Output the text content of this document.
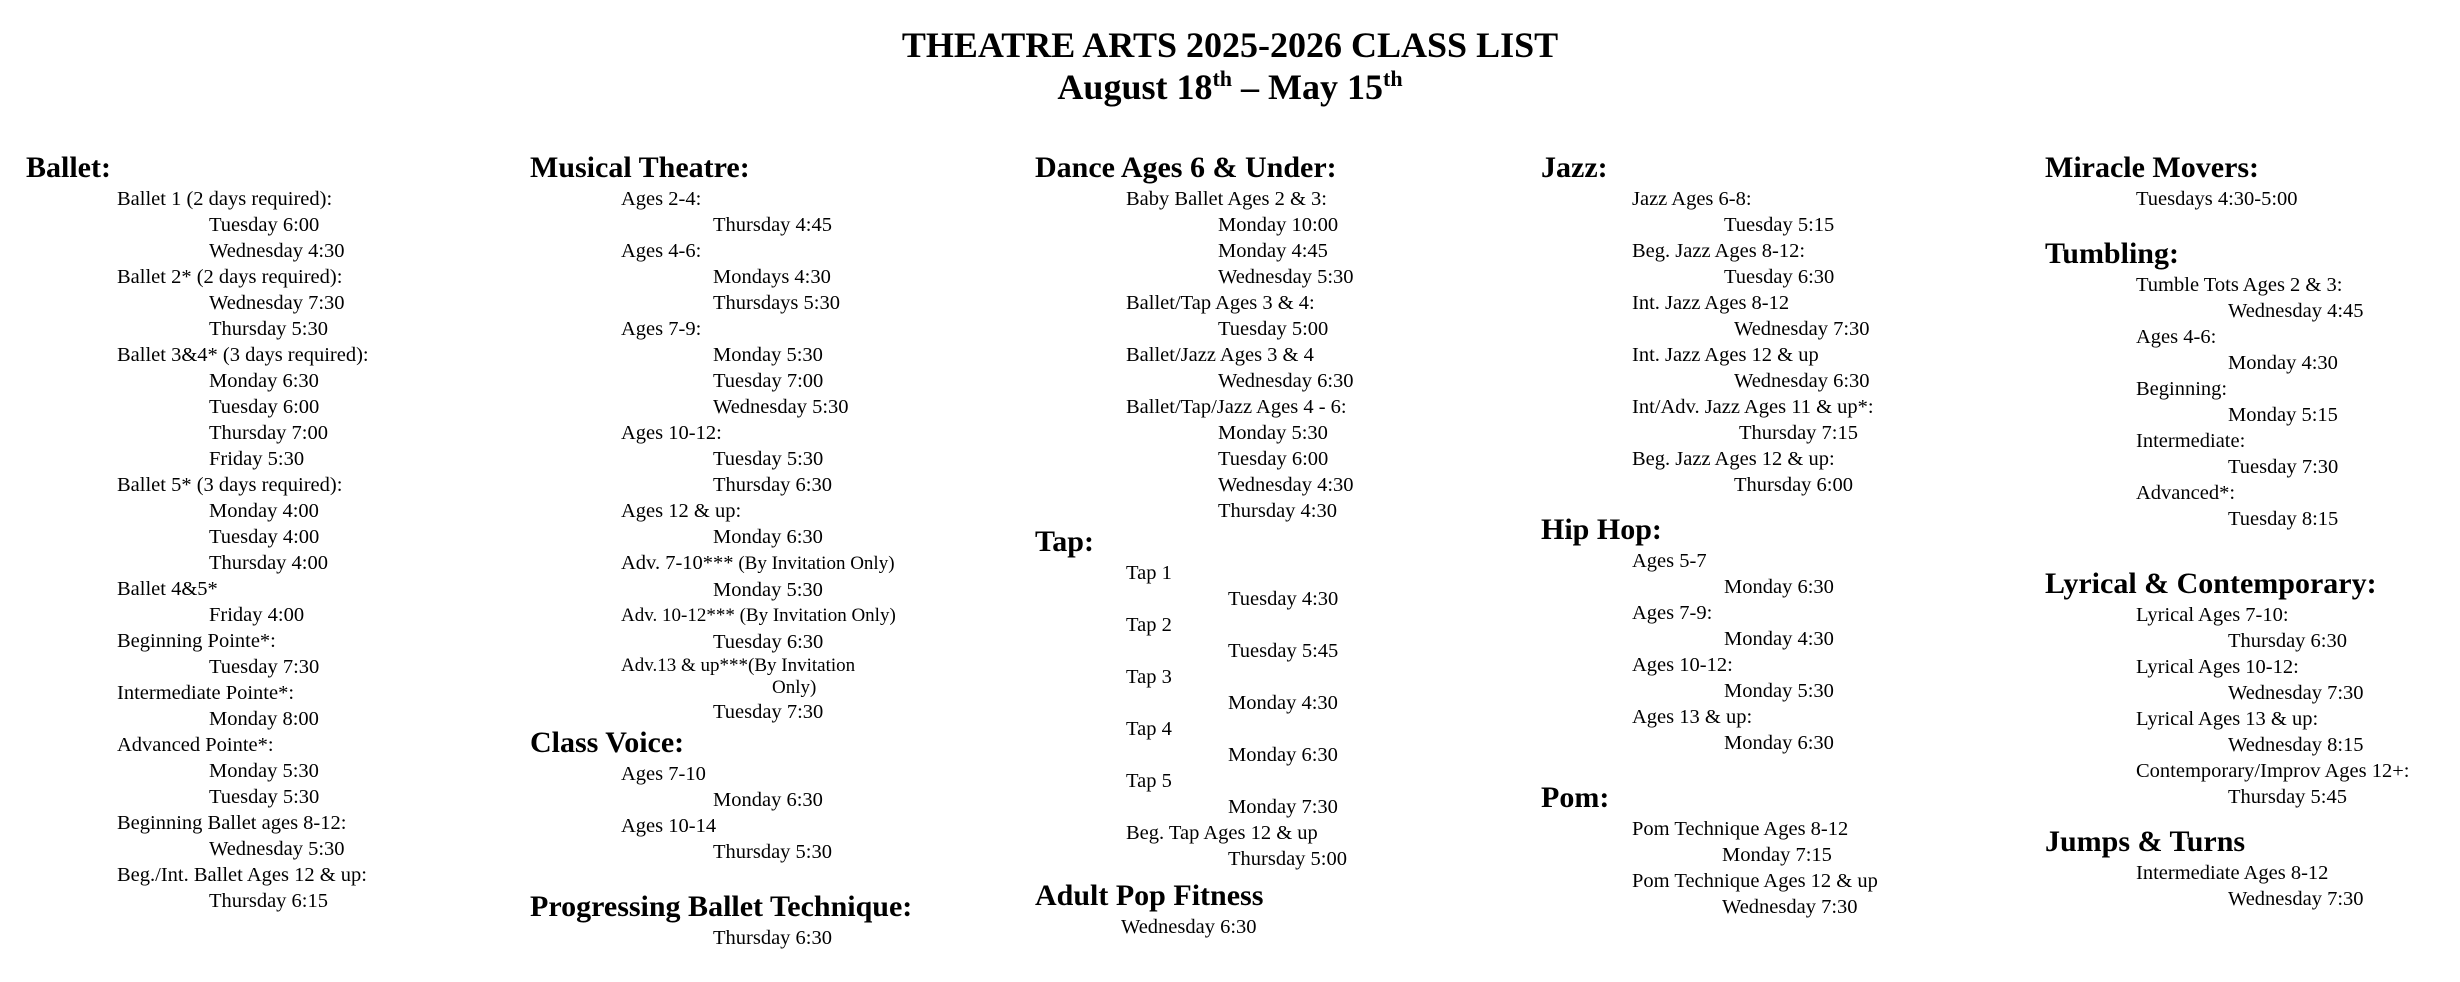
THEATRE ARTS 2025-2026 CLASS LIST
August 18th – May 15th
Ballet:
Ballet 1 (2 days required):
Tuesday 6:00
Wednesday 4:30
Ballet 2* (2 days required):
Wednesday 7:30
Thursday 5:30
Ballet 3&4* (3 days required):
Monday 6:30
Tuesday 6:00
Thursday 7:00
Friday 5:30
Ballet 5* (3 days required):
Monday 4:00
Tuesday 4:00
Thursday 4:00
Ballet 4&5*
Friday 4:00
Beginning Pointe*:
Tuesday 7:30
Intermediate Pointe*:
Monday 8:00
Advanced Pointe*:
Monday 5:30
Tuesday 5:30
Beginning Ballet ages 8-12:
Wednesday 5:30
Beg./Int. Ballet Ages 12 & up:
Thursday 6:15
Musical Theatre:
Ages 2-4:
Thursday 4:45
Ages 4-6:
Mondays 4:30
Thursdays 5:30
Ages 7-9:
Monday 5:30
Tuesday 7:00
Wednesday 5:30
Ages 10-12:
Tuesday 5:30
Thursday 6:30
Ages 12 & up:
Monday 6:30
Adv. 7-10*** (By Invitation Only)
Monday 5:30
Adv. 10-12*** (By Invitation Only)
Tuesday 6:30
Adv.13 & up***(By Invitation
Only)
Tuesday 7:30
Class Voice:
Ages 7-10
Monday 6:30
Ages 10-14
Thursday 5:30
Progressing Ballet Technique:
Thursday 6:30
Dance Ages 6 & Under:
Baby Ballet Ages 2 & 3:
Monday 10:00
Monday 4:45
Wednesday 5:30
Ballet/Tap Ages 3 & 4:
Tuesday 5:00
Ballet/Jazz Ages 3 & 4
Wednesday 6:30
Ballet/Tap/Jazz Ages 4 - 6:
Monday 5:30
Tuesday 6:00
Wednesday 4:30
Thursday 4:30
Tap:
Tap 1
Tuesday 4:30
Tap 2
Tuesday 5:45
Tap 3
Monday 4:30
Tap 4
Monday 6:30
Tap 5
Monday 7:30
Beg. Tap Ages 12 & up
Thursday 5:00
Adult Pop Fitness
Wednesday 6:30
Jazz:
Jazz Ages 6-8:
Tuesday 5:15
Beg. Jazz Ages 8-12:
Tuesday 6:30
Int. Jazz Ages 8-12
Wednesday 7:30
Int. Jazz Ages 12 & up
Wednesday 6:30
Int/Adv. Jazz Ages 11 & up*:
Thursday 7:15
Beg. Jazz Ages 12 & up:
Thursday 6:00
Hip Hop:
Ages 5-7
Monday 6:30
Ages 7-9:
Monday 4:30
Ages 10-12:
Monday 5:30
Ages 13 & up:
Monday 6:30
Pom:
Pom Technique Ages 8-12
Monday 7:15
Pom Technique Ages 12 & up
Wednesday 7:30
Miracle Movers:
Tuesdays 4:30-5:00
Tumbling:
Tumble Tots Ages 2 & 3:
Wednesday 4:45
Ages 4-6:
Monday 4:30
Beginning:
Monday 5:15
Intermediate:
Tuesday 7:30
Advanced*:
Tuesday 8:15
Lyrical & Contemporary:
Lyrical Ages 7-10:
Thursday 6:30
Lyrical Ages 10-12:
Wednesday 7:30
Lyrical Ages 13 & up:
Wednesday 8:15
Contemporary/Improv Ages 12+:
Thursday 5:45
Jumps & Turns
Intermediate Ages 8-12
Wednesday 7:30
